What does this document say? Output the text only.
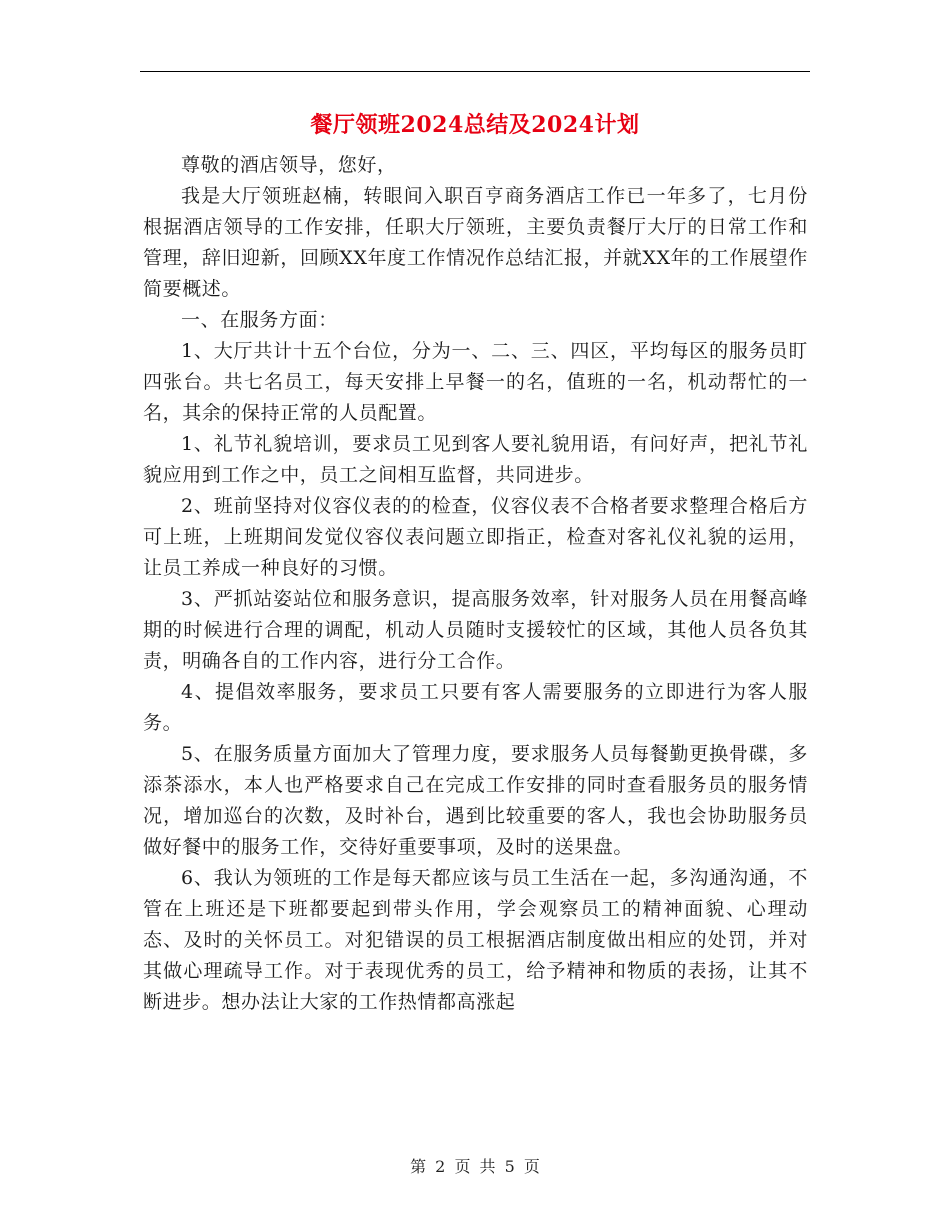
餐厅领班2024总结及2024计划

尊敬的酒店领导，您好，

我是大厅领班赵楠，转眼间入职百亨商务酒店工作已一年多了，七月份根据酒店领导的工作安排，任职大厅领班，主要负责餐厅大厅的日常工作和管理，辞旧迎新，回顾XX年度工作情况作总结汇报，并就XX年的工作展望作简要概述。

一、在服务方面：

1、大厅共计十五个台位，分为一、二、三、四区，平均每区的服务员盯四张台。共七名员工，每天安排上早餐一的名，值班的一名，机动帮忙的一名，其余的保持正常的人员配置。

1、礼节礼貌培训，要求员工见到客人要礼貌用语，有问好声，把礼节礼貌应用到工作之中，员工之间相互监督，共同进步。

2、班前坚持对仪容仪表的的检查，仪容仪表不合格者要求整理合格后方可上班，上班期间发觉仪容仪表问题立即指正，检查对客礼仪礼貌的运用，让员工养成一种良好的习惯。

3、严抓站姿站位和服务意识，提高服务效率，针对服务人员在用餐高峰期的时候进行合理的调配，机动人员随时支援较忙的区域，其他人员各负其责，明确各自的工作内容，进行分工合作。

4、提倡效率服务，要求员工只要有客人需要服务的立即进行为客人服务。

5、在服务质量方面加大了管理力度，要求服务人员每餐勤更换骨碟，多添茶添水，本人也严格要求自己在完成工作安排的同时查看服务员的服务情况，增加巡台的次数，及时补台，遇到比较重要的客人，我也会协助服务员做好餐中的服务工作，交待好重要事项，及时的送果盘。

6、我认为领班的工作是每天都应该与员工生活在一起，多沟通沟通，不管在上班还是下班都要起到带头作用，学会观察员工的精神面貌、心理动态、及时的关怀员工。对犯错误的员工根据酒店制度做出相应的处罚，并对其做心理疏导工作。对于表现优秀的员工，给予精神和物质的表扬，让其不断进步。想办法让大家的工作热情都高涨起

第 2 页 共 5 页
